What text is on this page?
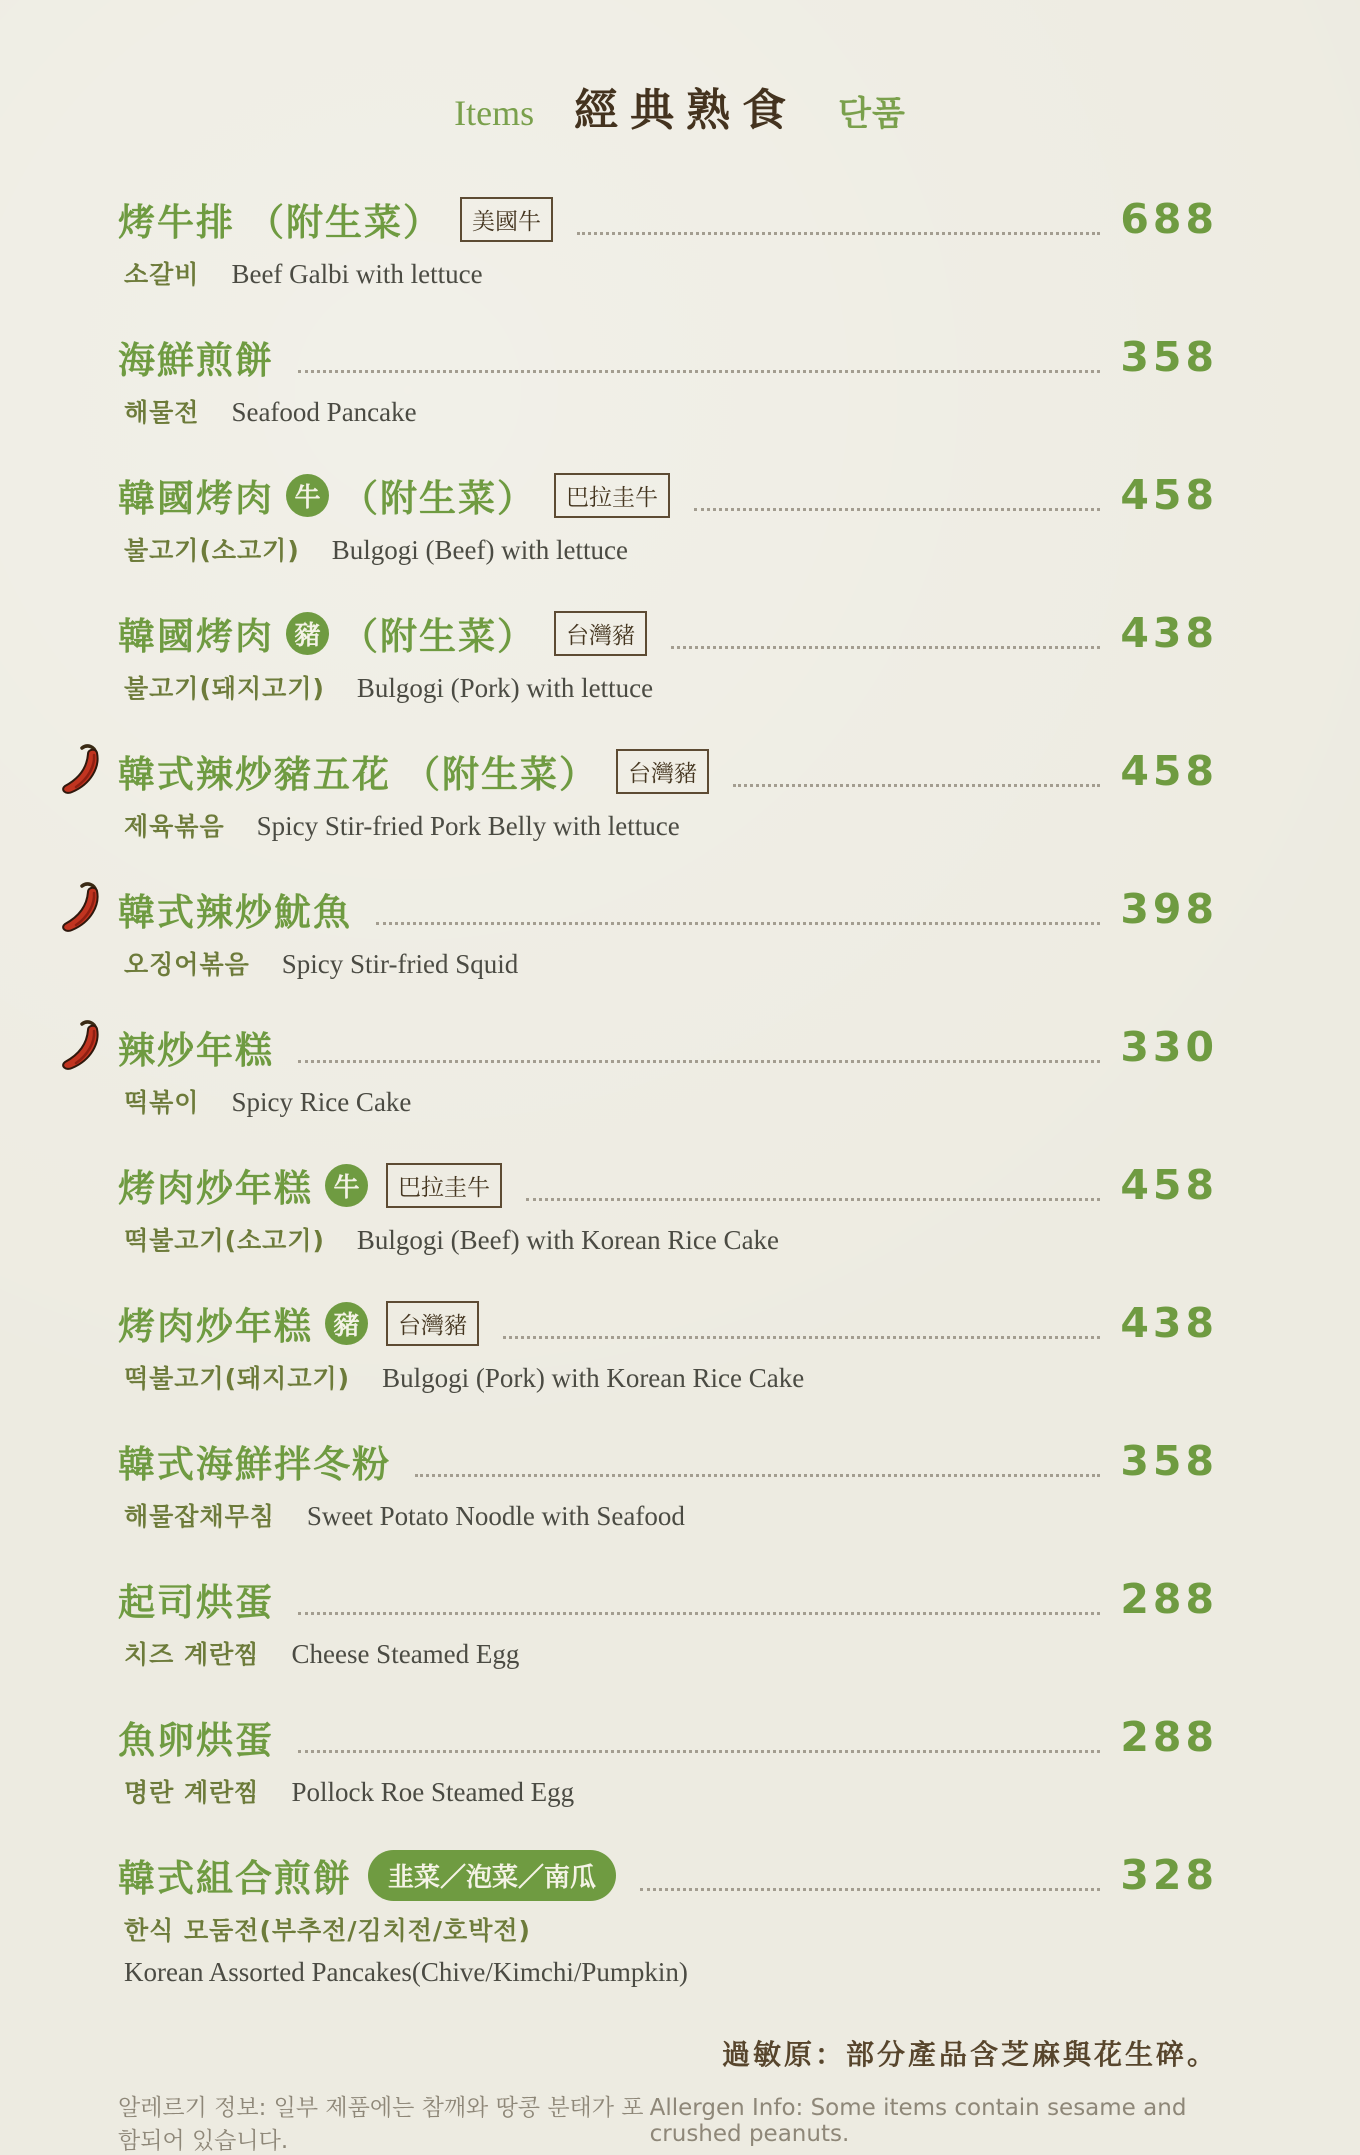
Items 經典熟食 단품
烤牛排 （附生菜）	美國牛	688
소갈비 Beef Galbi with lettuce
海鮮煎餅	358
해물전 Seafood Pancake
韓國烤肉 牛 （附生菜）	巴拉圭牛	458
불고기(소고기) Bulgogi (Beef) with lettuce
韓國烤肉 豬 （附生菜）	台灣豬	438
불고기(돼지고기) Bulgogi (Pork) with lettuce
韓式辣炒豬五花 （附生菜）	台灣豬	458
제육볶음 Spicy Stir-fried Pork Belly with lettuce
韓式辣炒魷魚	398
오징어볶음 Spicy Stir-fried Squid
辣炒年糕	330
떡볶이 Spicy Rice Cake
烤肉炒年糕 牛	巴拉圭牛	458
떡불고기(소고기) Bulgogi (Beef) with Korean Rice Cake
烤肉炒年糕 豬	台灣豬	438
떡불고기(돼지고기) Bulgogi (Pork) with Korean Rice Cake
韓式海鮮拌冬粉	358
해물잡채무침 Sweet Potato Noodle with Seafood
起司烘蛋	288
치즈 계란찜 Cheese Steamed Egg
魚卵烘蛋	288
명란 계란찜 Pollock Roe Steamed Egg
韓式組合煎餅	韭菜／泡菜／南瓜	328
한식 모둠전(부추전/김치전/호박전)
Korean Assorted Pancakes(Chive/Kimchi/Pumpkin)
過敏原：部分產品含芝麻與花生碎。
알레르기 정보: 일부 제품에는 참깨와 땅콩 분태가 포함되어 있습니다.
Allergen Info: Some items contain sesame and crushed peanuts.
